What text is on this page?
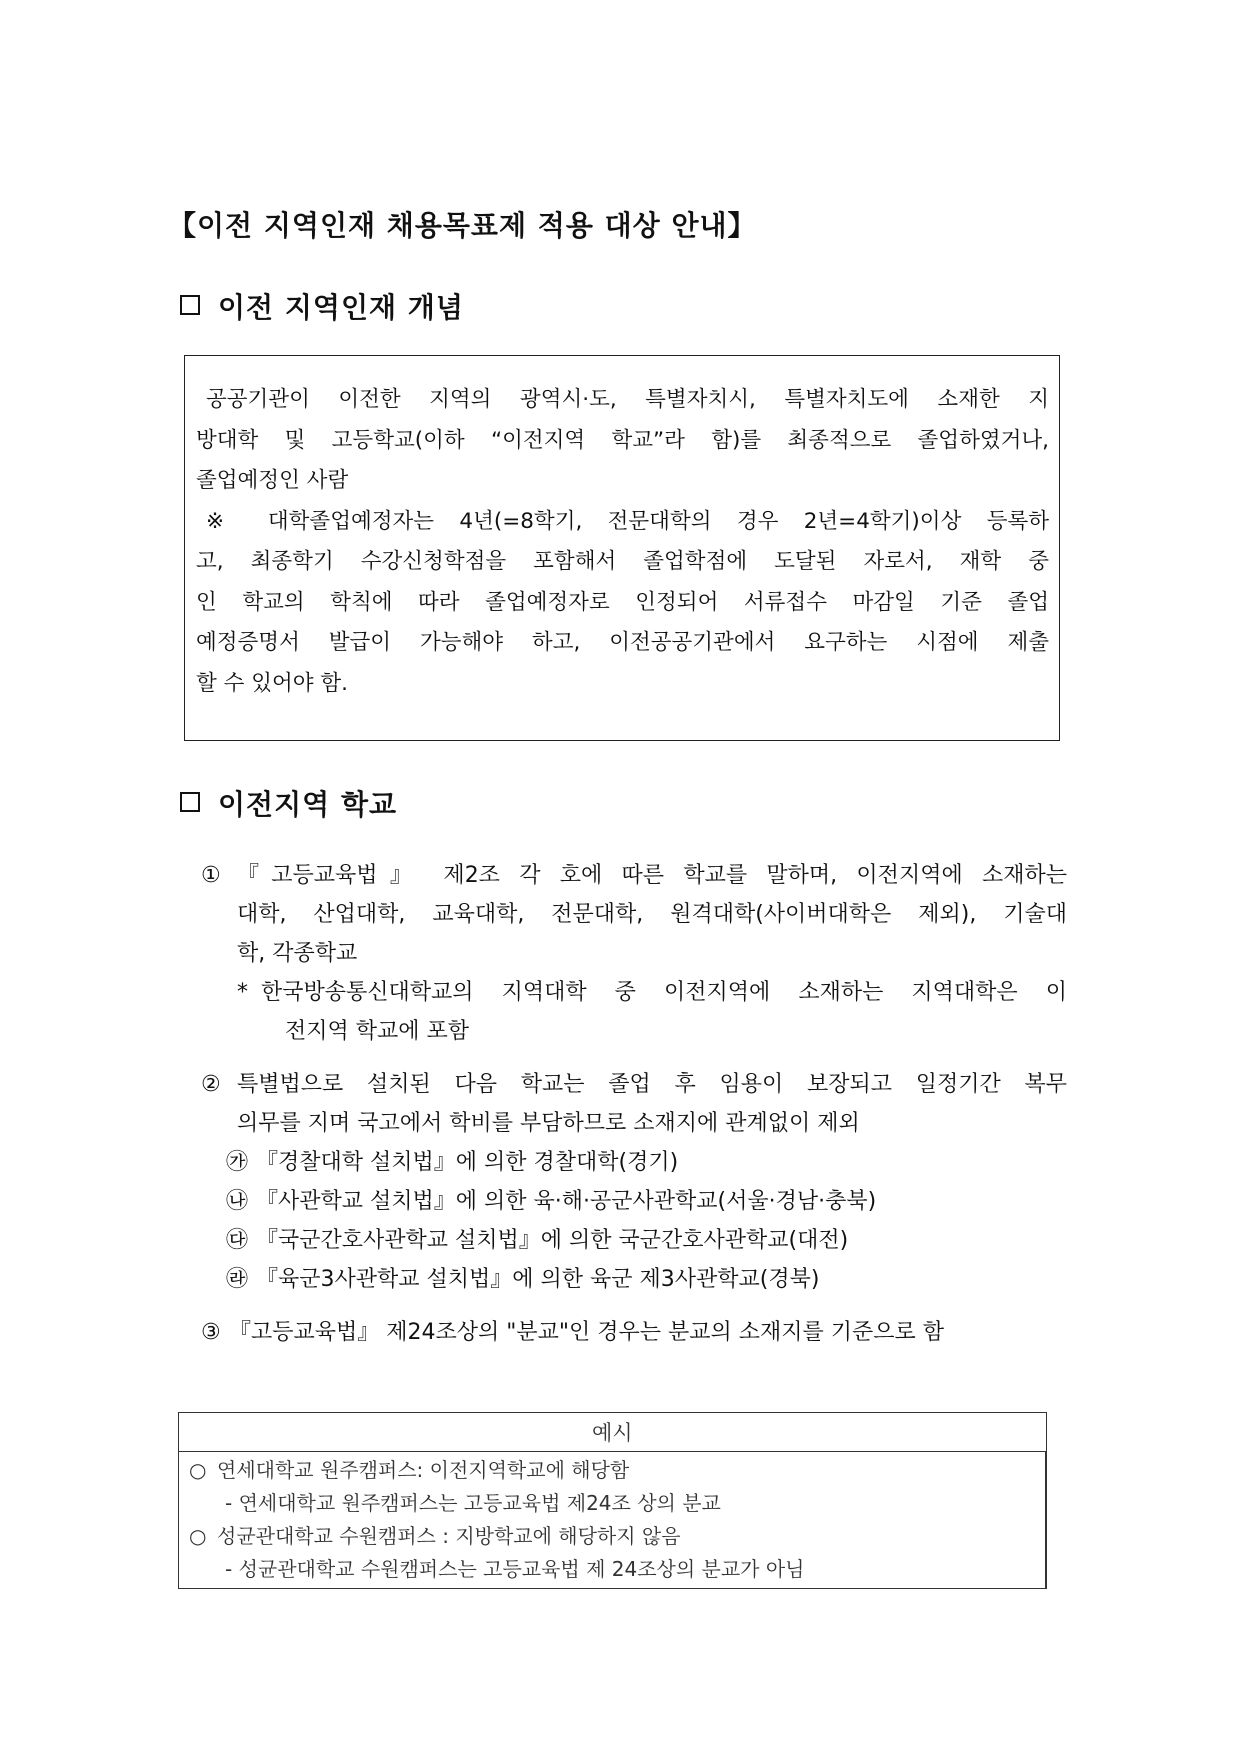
【이전 지역인재 채용목표제 적용 대상 안내】
이전 지역인재 개념
공공기관이 이전한 지역의 광역시·도, 특별자치시, 특별자치도에 소재한 지
방대학 및 고등학교(이하 “이전지역 학교”라 함)를 최종적으로 졸업하였거나,
졸업예정인 사람
※ 대학졸업예정자는 4년(=8학기, 전문대학의 경우 2년=4학기)이상 등록하
고, 최종학기 수강신청학점을 포함해서 졸업학점에 도달된 자로서, 재학 중
인 학교의 학칙에 따라 졸업예정자로 인정되어 서류접수 마감일 기준 졸업
예정증명서 발급이 가능해야 하고, 이전공공기관에서 요구하는 시점에 제출
할 수 있어야 함.
이전지역 학교
① 『고등교육법』 제2조 각 호에 따른 학교를 말하며, 이전지역에 소재하는
대학, 산업대학, 교육대학, 전문대학, 원격대학(사이버대학은 제외), 기술대
학, 각종학교
* 한국방송통신대학교의 지역대학 중 이전지역에 소재하는 지역대학은 이
전지역 학교에 포함
② 특별법으로 설치된 다음 학교는 졸업 후 임용이 보장되고 일정기간 복무
의무를 지며 국고에서 학비를 부담하므로 소재지에 관계없이 제외
㉮ 『경찰대학 설치법』에 의한 경찰대학(경기)
㉯ 『사관학교 설치법』에 의한 육·해·공군사관학교(서울·경남·충북)
㉰ 『국군간호사관학교 설치법』에 의한 국군간호사관학교(대전)
㉱ 『육군3사관학교 설치법』에 의한 육군 제3사관학교(경북)
③ 『고등교육법』 제24조상의 "분교"인 경우는 분교의 소재지를 기준으로 함
예시

○ 연세대학교 원주캠퍼스: 이전지역학교에 해당함
- 연세대학교 원주캠퍼스는 고등교육법 제24조 상의 분교
○ 성균관대학교 수원캠퍼스 : 지방학교에 해당하지 않음
- 성균관대학교 수원캠퍼스는 고등교육법 제 24조상의 분교가 아님
